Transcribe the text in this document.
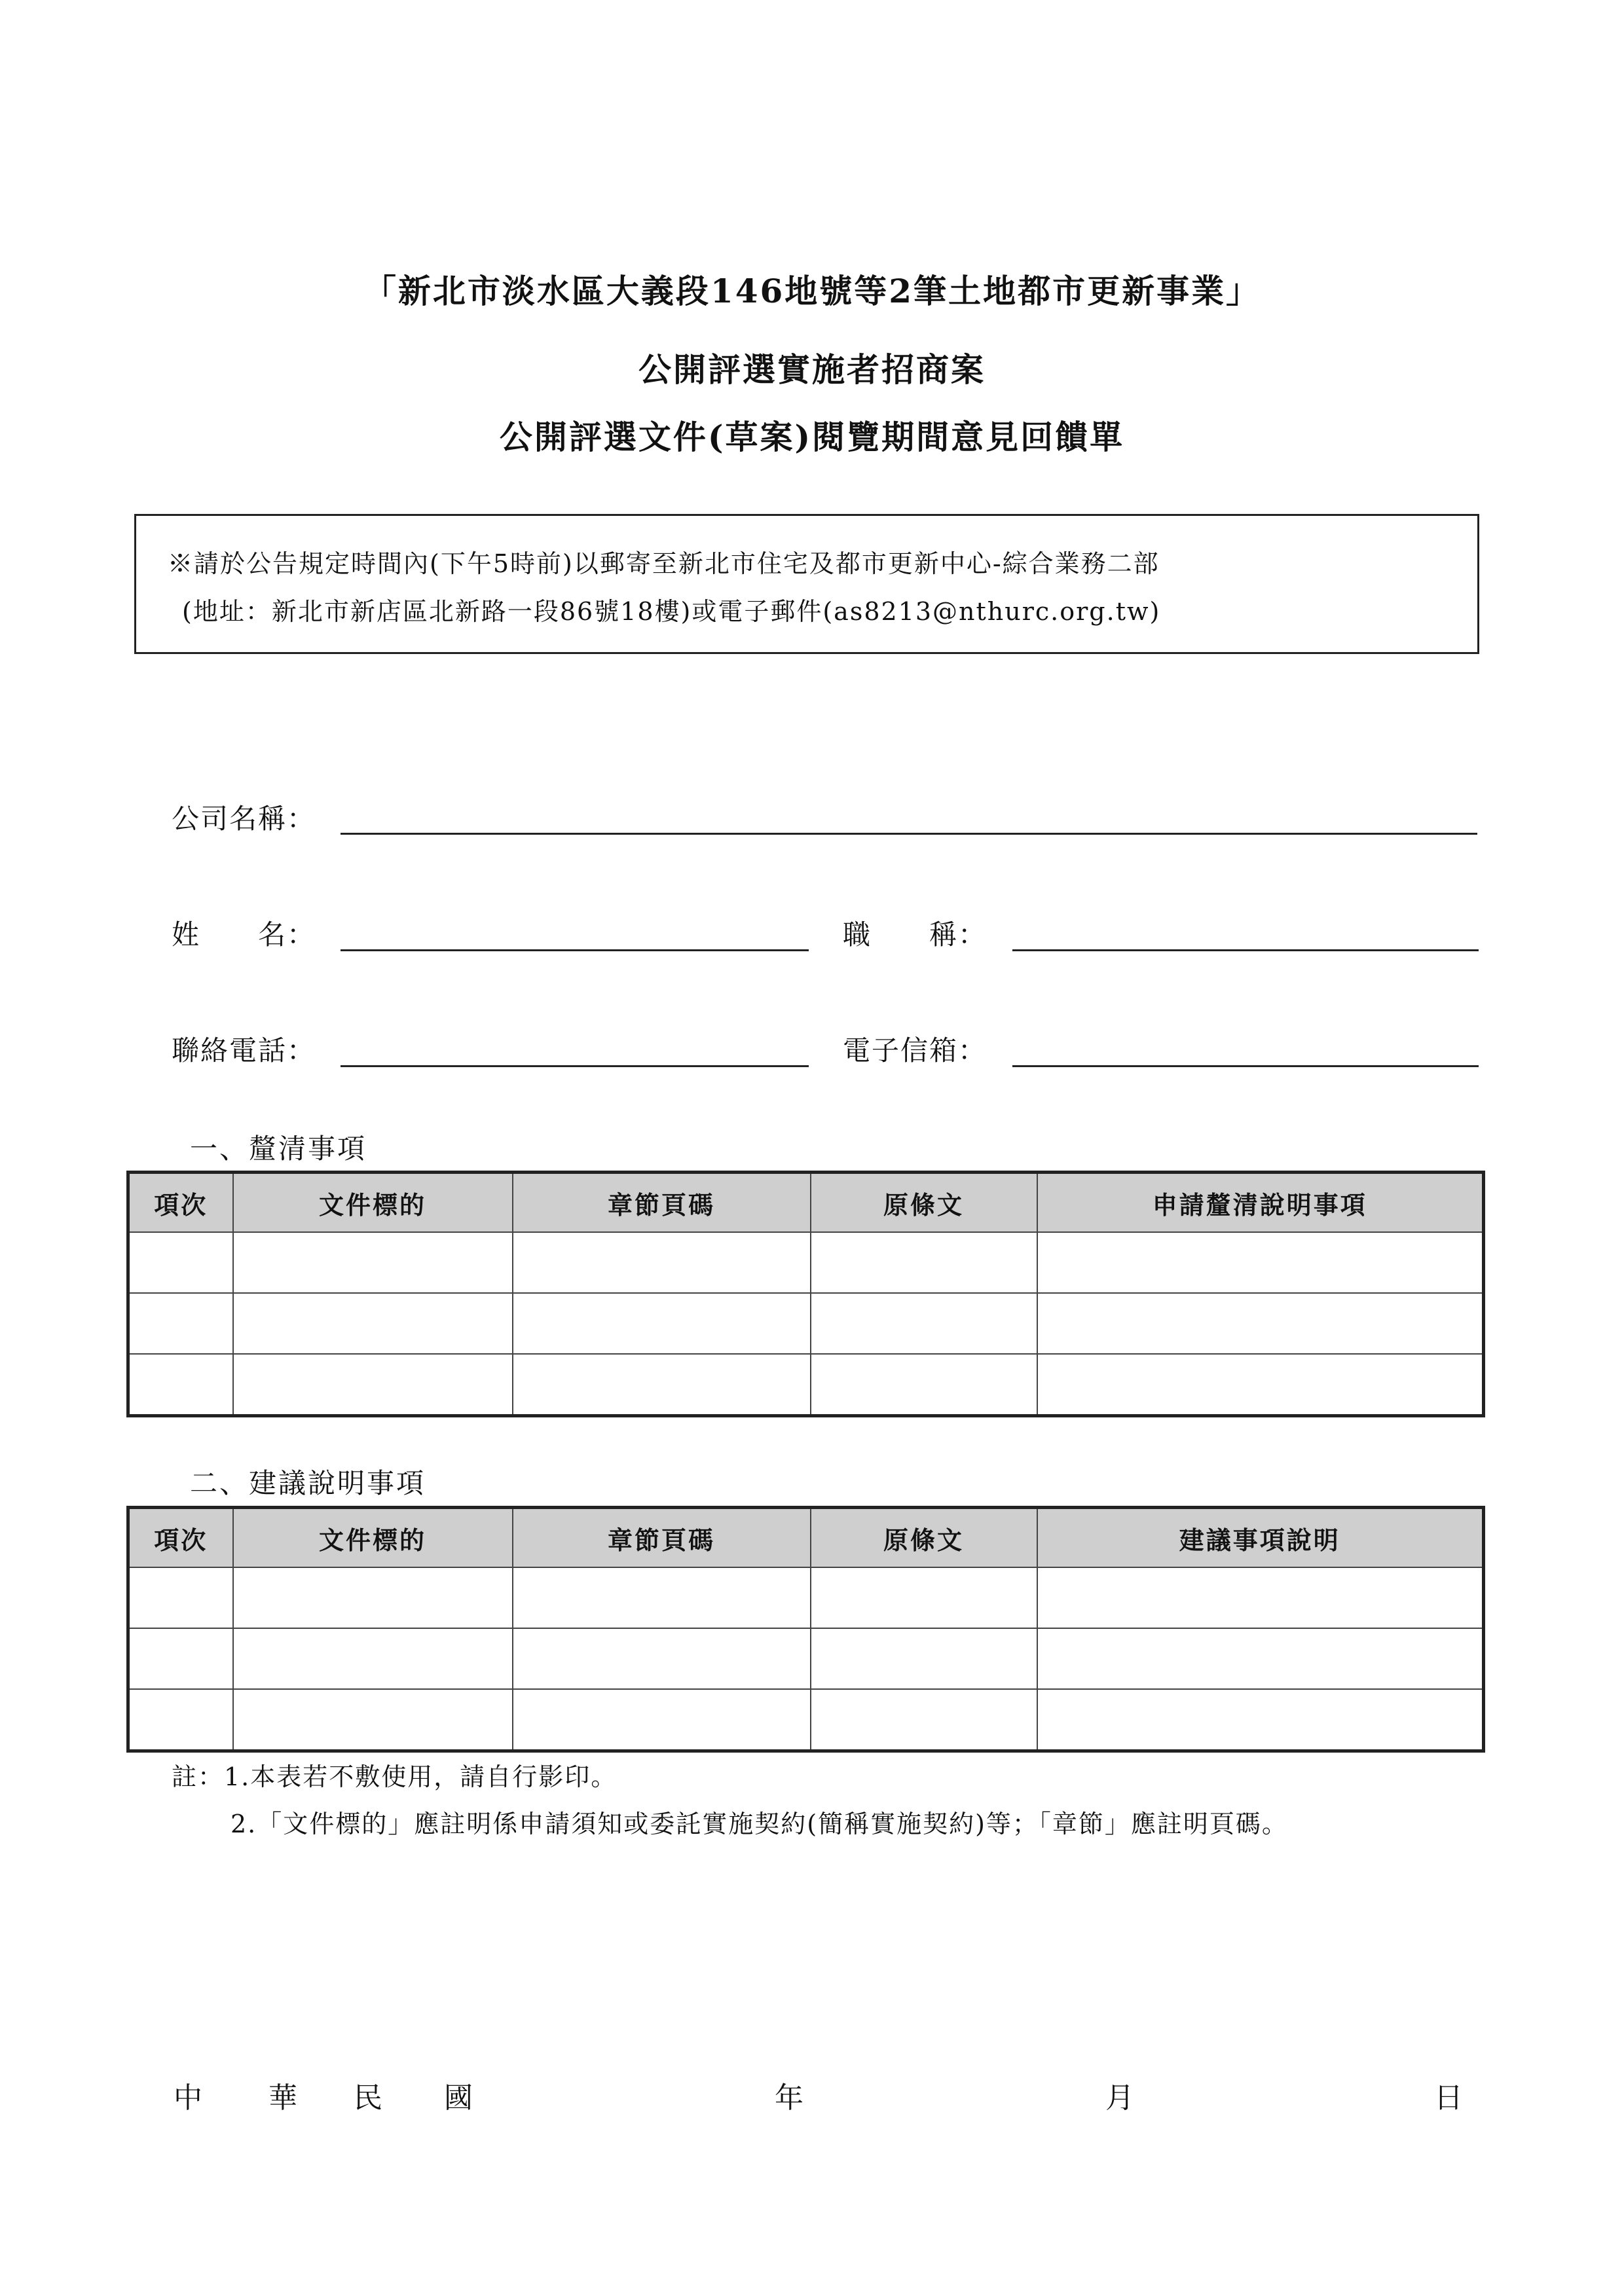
「新北市淡水區大義段146地號等2筆土地都市更新事業」
公開評選實施者招商案
公開評選文件(草案)閱覽期間意見回饋單
※請於公告規定時間內(下午5時前)以郵寄至新北市住宅及都市更新中心-綜合業務二部
(地址：新北市新店區北新路一段86號18樓)或電子郵件(as8213@nthurc.org.tw)
公司名稱：
姓　　名：	職　　稱：
聯絡電話：	電子信箱：
一、釐清事項
項次	文件標的	章節頁碼	原條文	申請釐清說明事項

二、建議說明事項
項次	文件標的	章節頁碼	原條文	建議事項說明

註：1.本表若不敷使用，請自行影印。
2.「文件標的」應註明係申請須知或委託實施契約(簡稱實施契約)等；「章節」應註明頁碼。
中 華 民 國	年	月	日
